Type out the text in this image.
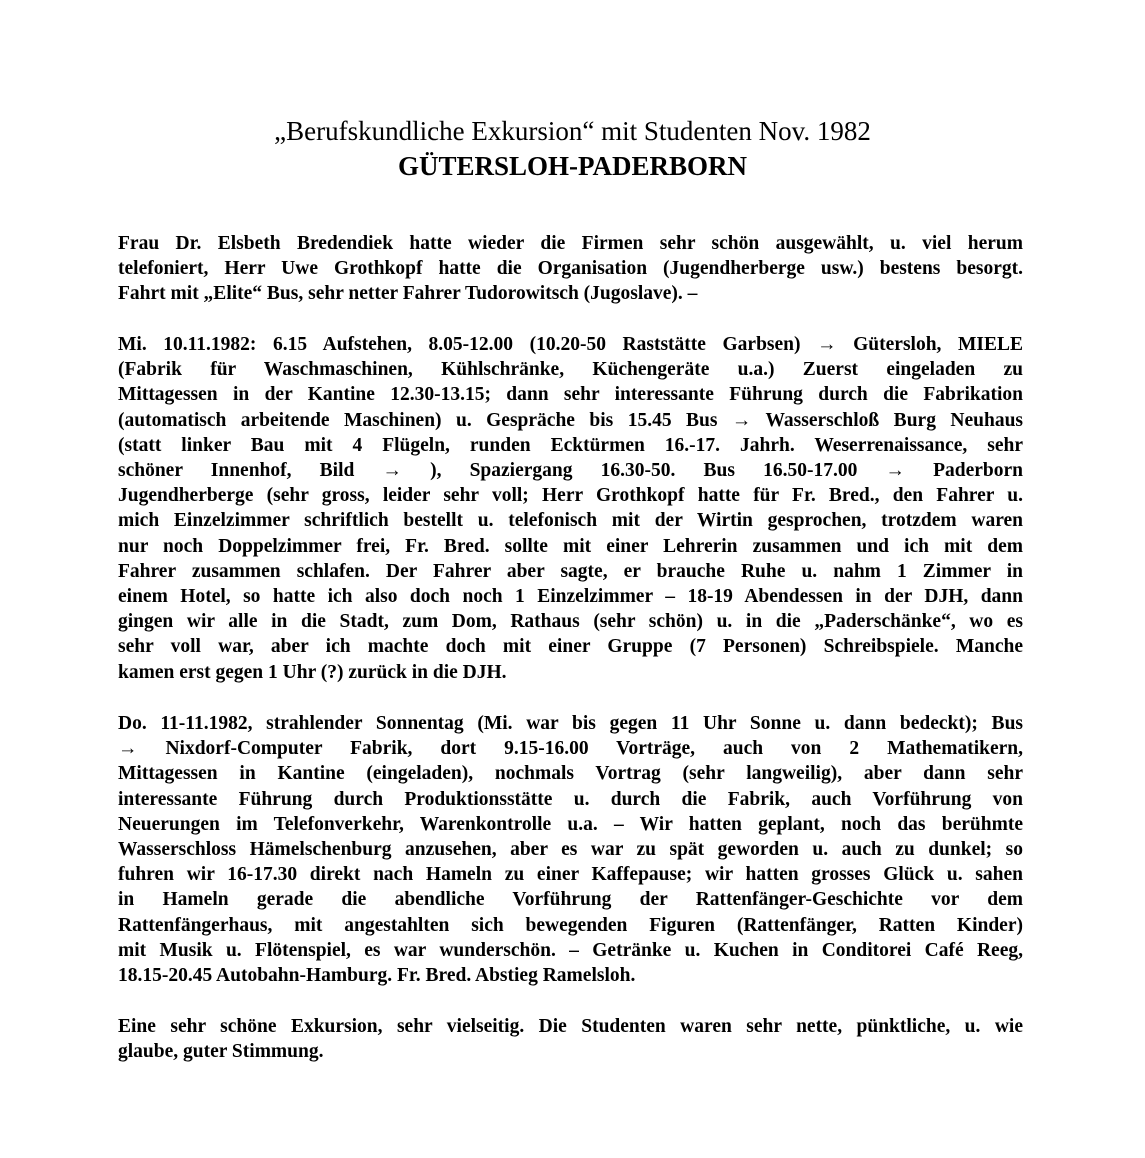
„Berufskundliche Exkursion“ mit Studenten Nov. 1982
GÜTERSLOH-PADERBORN

Frau Dr. Elsbeth Bredendiek hatte wieder die Firmen sehr schön ausgewählt, u. viel herum
telefoniert, Herr Uwe Grothkopf hatte die Organisation (Jugendherberge usw.) bestens besorgt.
Fahrt mit „Elite“ Bus, sehr netter Fahrer Tudorowitsch (Jugoslave). –

Mi. 10.11.1982: 6.15 Aufstehen, 8.05-12.00 (10.20-50 Raststätte Garbsen) → Gütersloh, MIELE
(Fabrik für Waschmaschinen, Kühlschränke, Küchengeräte u.a.) Zuerst eingeladen zu
Mittagessen in der Kantine 12.30-13.15; dann sehr interessante Führung durch die Fabrikation
(automatisch arbeitende Maschinen) u. Gespräche bis 15.45 Bus → Wasserschloß Burg Neuhaus
(statt linker Bau mit 4 Flügeln, runden Ecktürmen 16.-17. Jahrh. Weserrenaissance, sehr
schöner Innenhof, Bild → ), Spaziergang 16.30-50. Bus 16.50-17.00 → Paderborn
Jugendherberge (sehr gross, leider sehr voll; Herr Grothkopf hatte für Fr. Bred., den Fahrer u.
mich Einzelzimmer schriftlich bestellt u. telefonisch mit der Wirtin gesprochen, trotzdem waren
nur noch Doppelzimmer frei, Fr. Bred. sollte mit einer Lehrerin zusammen und ich mit dem
Fahrer zusammen schlafen. Der Fahrer aber sagte, er brauche Ruhe u. nahm 1 Zimmer in
einem Hotel, so hatte ich also doch noch 1 Einzelzimmer – 18-19 Abendessen in der DJH, dann
gingen wir alle in die Stadt, zum Dom, Rathaus (sehr schön) u. in die „Paderschänke“, wo es
sehr voll war, aber ich machte doch mit einer Gruppe (7 Personen) Schreibspiele. Manche
kamen erst gegen 1 Uhr (?) zurück in die DJH.

Do. 11-11.1982, strahlender Sonnentag (Mi. war bis gegen 11 Uhr Sonne u. dann bedeckt); Bus
→ Nixdorf-Computer Fabrik, dort 9.15-16.00 Vorträge, auch von 2 Mathematikern,
Mittagessen in Kantine (eingeladen), nochmals Vortrag (sehr langweilig), aber dann sehr
interessante Führung durch Produktionsstätte u. durch die Fabrik, auch Vorführung von
Neuerungen im Telefonverkehr, Warenkontrolle u.a. – Wir hatten geplant, noch das berühmte
Wasserschloss Hämelschenburg anzusehen, aber es war zu spät geworden u. auch zu dunkel; so
fuhren wir 16-17.30 direkt nach Hameln zu einer Kaffepause; wir hatten grosses Glück u. sahen
in Hameln gerade die abendliche Vorführung der Rattenfänger-Geschichte vor dem
Rattenfängerhaus, mit angestahlten sich bewegenden Figuren (Rattenfänger, Ratten Kinder)
mit Musik u. Flötenspiel, es war wunderschön. – Getränke u. Kuchen in Conditorei Café Reeg,
18.15-20.45 Autobahn-Hamburg. Fr. Bred. Abstieg Ramelsloh.

Eine sehr schöne Exkursion, sehr vielseitig. Die Studenten waren sehr nette, pünktliche, u. wie
glaube, guter Stimmung.
